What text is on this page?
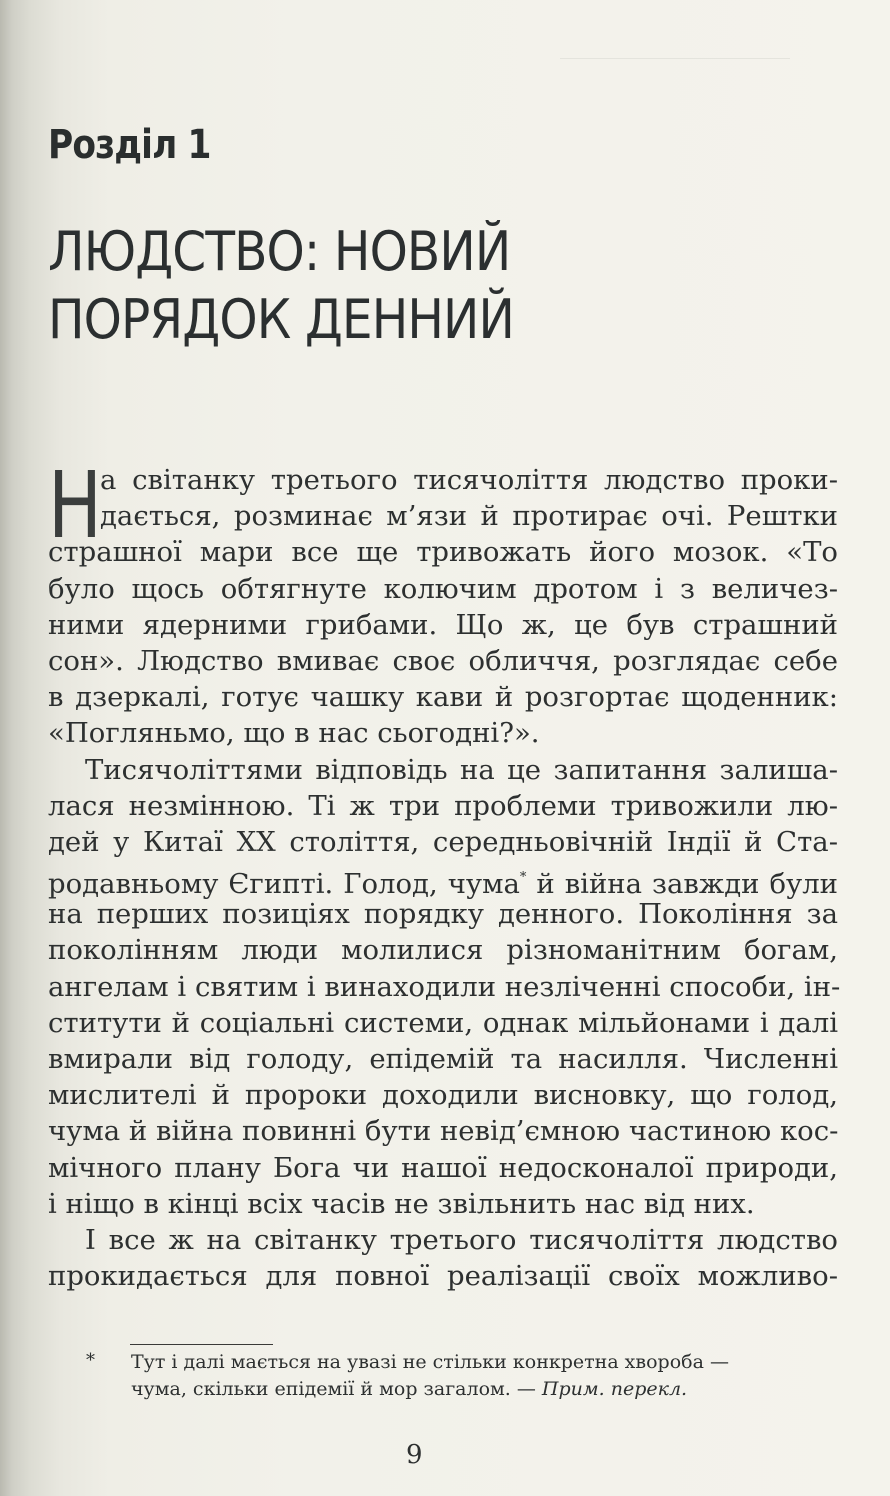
Розділ 1
ЛЮДСТВО: НОВИЙ
ПОРЯДОК ДЕННИЙ
Н
а світанку третього тисячоліття людство проки-
дається, розминає м’язи й протирає очі. Рештки
страшної мари все ще тривожать його мозок. «То
було щось обтягнуте колючим дротом і з величез-
ними ядерними грибами. Що ж, це був страшний
сон». Людство вмиває своє обличчя, розглядає себе
в дзеркалі, готує чашку кави й розгортає щоденник:
«Погляньмо, що в нас сьогодні?».
Тисячоліттями відповідь на це запитання залиша-
лася незмінною. Ті ж три проблеми тривожили лю-
дей у Китаї XX століття, середньовічній Індії й Ста-
родавньому Єгипті. Голод, чума* й війна завжди були
на перших позиціях порядку денного. Покоління за
поколінням люди молилися різноманітним богам,
ангелам і святим і винаходили незліченні способи, ін-
ститути й соціальні системи, однак мільйонами і далі
вмирали від голоду, епідемій та насилля. Численні
мислителі й пророки доходили висновку, що голод,
чума й війна повинні бути невід’ємною частиною кос-
мічного плану Бога чи нашої недосконалої природи,
і ніщо в кінці всіх часів не звільнить нас від них.
І все ж на світанку третього тисячоліття людство
прокидається для повної реалізації своїх можливо-
* Тут і далі мається на увазі не стільки конкретна хвороба —
чума, скільки епідемії й мор загалом. — Прим. перекл.
9
